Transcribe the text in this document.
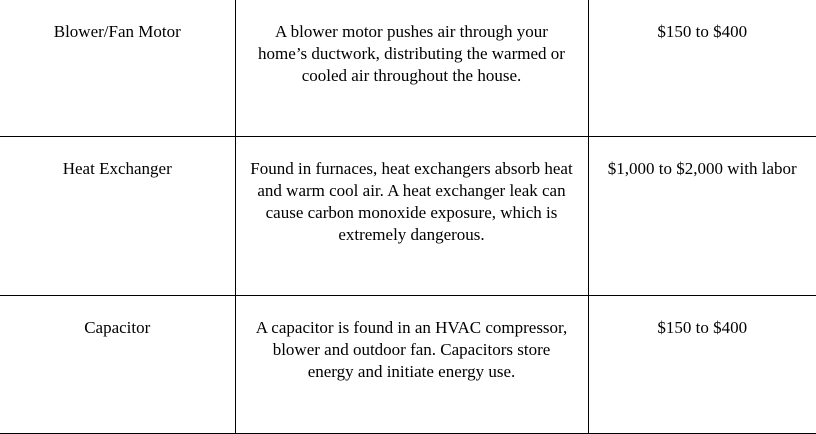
Blower/Fan Motor	A blower motor pushes air through your home’s ductwork, distributing the warmed or cooled air throughout the house.	$150 to $400
Heat Exchanger	Found in furnaces, heat exchangers absorb heat and warm cool air. A heat exchanger leak can cause carbon monoxide exposure, which is extremely dangerous.	$1,000 to $2,000 with labor
Capacitor	A capacitor is found in an HVAC compressor, blower and outdoor fan. Capacitors store energy and initiate energy use.	$150 to $400
